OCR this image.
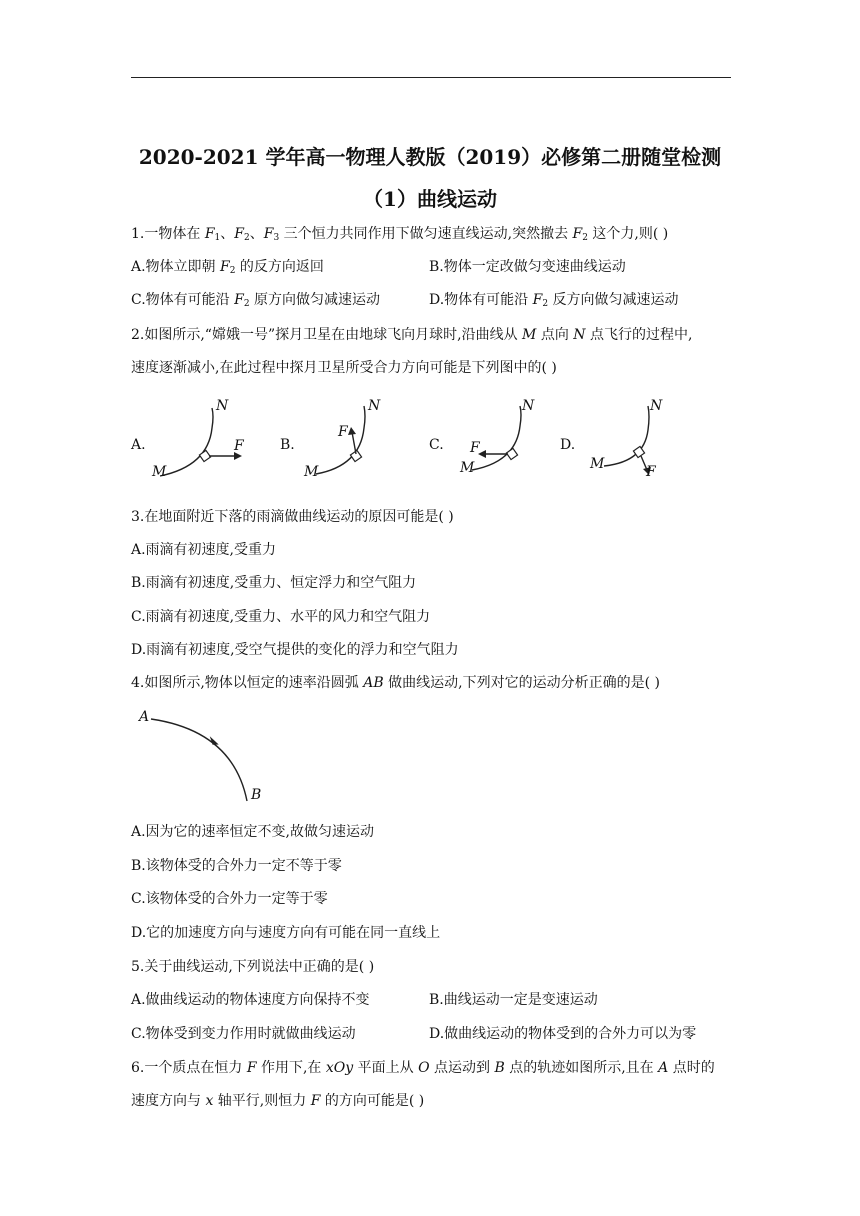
2020-2021 学年高一物理人教版（2019）必修第二册随堂检测
（1）曲线运动
1.一物体在 $F_1$、$F_2$、$F_3$ 三个恒力共同作用下做匀速直线运动,突然撤去 $F_2$ 这个力,则( )
A.物体立即朝 $F_2$ 的反方向返回	B.物体一定改做匀变速曲线运动
C.物体有可能沿 $F_2$ 原方向做匀减速运动	D.物体有可能沿 $F_2$ 反方向做匀减速运动
2.如图所示,“嫦娥一号”探月卫星在由地球飞向月球时,沿曲线从 M 点向 N 点飞行的过程中,
速度逐渐减小,在此过程中探月卫星所受合力方向可能是下列图中的( )
A.
N
F
M
B.
N
F
M
C.
N
F
M
D.
N
F
M
3.在地面附近下落的雨滴做曲线运动的原因可能是( )
A.雨滴有初速度,受重力
B.雨滴有初速度,受重力、恒定浮力和空气阻力
C.雨滴有初速度,受重力、水平的风力和空气阻力
D.雨滴有初速度,受空气提供的变化的浮力和空气阻力
4.如图所示,物体以恒定的速率沿圆弧 AB 做曲线运动,下列对它的运动分析正确的是( )
A
B
A.因为它的速率恒定不变,故做匀速运动
B.该物体受的合外力一定不等于零
C.该物体受的合外力一定等于零
D.它的加速度方向与速度方向有可能在同一直线上
5.关于曲线运动,下列说法中正确的是( )
A.做曲线运动的物体速度方向保持不变	B.曲线运动一定是变速运动
C.物体受到变力作用时就做曲线运动	D.做曲线运动的物体受到的合外力可以为零
6.一个质点在恒力 F 作用下,在 xOy 平面上从 O 点运动到 B 点的轨迹如图所示,且在 A 点时的
速度方向与 x 轴平行,则恒力 F 的方向可能是( )
